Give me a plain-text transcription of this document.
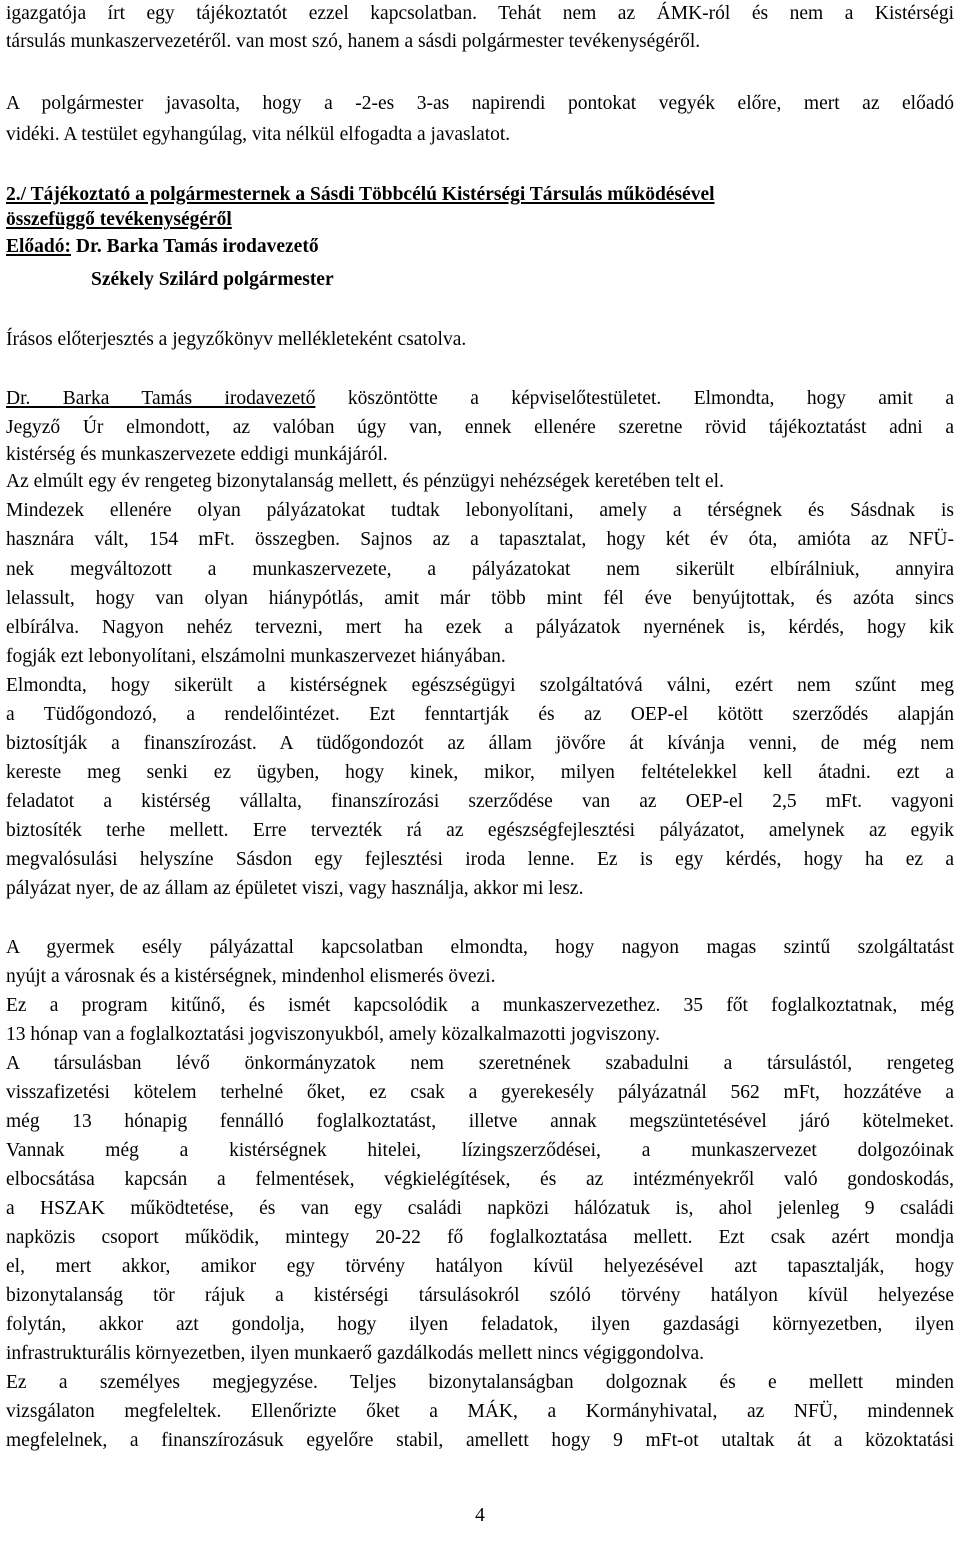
igazgatója írt egy tájékoztatót ezzel kapcsolatban. Tehát nem az ÁMK-ról és nem a Kistérségi
társulás munkaszervezetéről. van most szó, hanem a sásdi polgármester tevékenységéről.
A polgármester javasolta, hogy a -2-es 3-as napirendi pontokat vegyék előre, mert az előadó
vidéki. A testület egyhangúlag, vita nélkül elfogadta a javaslatot.
2./ Tájékoztató a polgármesternek a Sásdi Többcélú Kistérségi Társulás működésével
összefüggő tevékenységéről
Előadó: Dr. Barka Tamás irodavezető
Székely Szilárd polgármester
Írásos előterjesztés a jegyzőkönyv mellékleteként csatolva.
Dr. Barka Tamás irodavezető köszöntötte a képviselőtestületet. Elmondta, hogy amit a
Jegyző Úr elmondott, az valóban úgy van, ennek ellenére szeretne rövid tájékoztatást adni a
kistérség és munkaszervezete eddigi munkájáról.
Az elmúlt egy év rengeteg bizonytalanság mellett, és pénzügyi nehézségek keretében telt el.
Mindezek ellenére olyan pályázatokat tudtak lebonyolítani, amely a térségnek és Sásdnak is
hasznára vált, 154 mFt. összegben. Sajnos az a tapasztalat, hogy két év óta, amióta az NFÜ-
nek megváltozott a munkaszervezete, a pályázatokat nem sikerült elbírálniuk, annyira
lelassult, hogy van olyan hiánypótlás, amit már több mint fél éve benyújtottak, és azóta sincs
elbírálva. Nagyon nehéz tervezni, mert ha ezek a pályázatok nyernének is, kérdés, hogy kik
fogják ezt lebonyolítani, elszámolni munkaszervezet hiányában.
Elmondta, hogy sikerült a kistérségnek egészségügyi szolgáltatóvá válni, ezért nem szűnt meg
a Tüdőgondozó, a rendelőintézet. Ezt fenntartják és az OEP-el kötött szerződés alapján
biztosítják a finanszírozást. A tüdőgondozót az állam jövőre át kívánja venni, de még nem
kereste meg senki ez ügyben, hogy kinek, mikor, milyen feltételekkel kell átadni. ezt a
feladatot a kistérség vállalta, finanszírozási szerződése van az OEP-el 2,5 mFt. vagyoni
biztosíték terhe mellett. Erre tervezték rá az egészségfejlesztési pályázatot, amelynek az egyik
megvalósulási helyszíne Sásdon egy fejlesztési iroda lenne. Ez is egy kérdés, hogy ha ez a
pályázat nyer, de az állam az épületet viszi, vagy használja, akkor mi lesz.
A gyermek esély pályázattal kapcsolatban elmondta, hogy nagyon magas szintű szolgáltatást
nyújt a városnak és a kistérségnek, mindenhol elismerés övezi.
Ez a program kitűnő, és ismét kapcsolódik a munkaszervezethez. 35 főt foglalkoztatnak, még
13 hónap van a foglalkoztatási jogviszonyukból, amely közalkalmazotti jogviszony.
A társulásban lévő önkormányzatok nem szeretnének szabadulni a társulástól, rengeteg
visszafizetési kötelem terhelné őket, ez csak a gyerekesély pályázatnál 562 mFt, hozzátéve a
még 13 hónapig fennálló foglalkoztatást, illetve annak megszüntetésével járó kötelmeket.
Vannak még a kistérségnek hitelei, lízingszerződései, a munkaszervezet dolgozóinak
elbocsátása kapcsán a felmentések, végkielégítések, és az intézményekről való gondoskodás,
a HSZAK működtetése, és van egy családi napközi hálózatuk is, ahol jelenleg 9 családi
napközis csoport működik, mintegy 20-22 fő foglalkoztatása mellett. Ezt csak azért mondja
el, mert akkor, amikor egy törvény hatályon kívül helyezésével azt tapasztalják, hogy
bizonytalanság tör rájuk a kistérségi társulásokról szóló törvény hatályon kívül helyezése
folytán, akkor azt gondolja, hogy ilyen feladatok, ilyen gazdasági környezetben, ilyen
infrastrukturális környezetben, ilyen munkaerő gazdálkodás mellett nincs végiggondolva.
Ez a személyes megjegyzése. Teljes bizonytalanságban dolgoznak és e mellett minden
vizsgálaton megfeleltek. Ellenőrizte őket a MÁK, a Kormányhivatal, az NFÜ, mindennek
megfelelnek, a finanszírozásuk egyelőre stabil, amellett hogy 9 mFt-ot utaltak át a közoktatási
4
